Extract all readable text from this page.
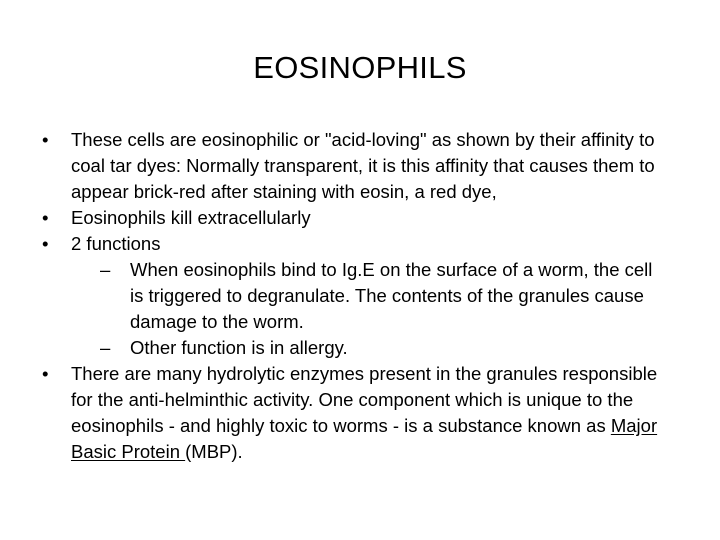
EOSINOPHILS

• These cells are eosinophilic or "acid-loving" as shown by their affinity to coal tar dyes: Normally transparent, it is this affinity that causes them to appear brick-red after staining with eosin, a red dye,

• Eosinophils kill extracellularly

• 2 functions

– When eosinophils bind to Ig.E on the surface of a worm, the cell is triggered to degranulate. The contents of the granules cause damage to the worm.

– Other function is in allergy.

• There are many hydrolytic enzymes present in the granules responsible for the anti-helminthic activity. One component which is unique to the eosinophils - and highly toxic to worms - is a substance known as Major Basic Protein (MBP).
